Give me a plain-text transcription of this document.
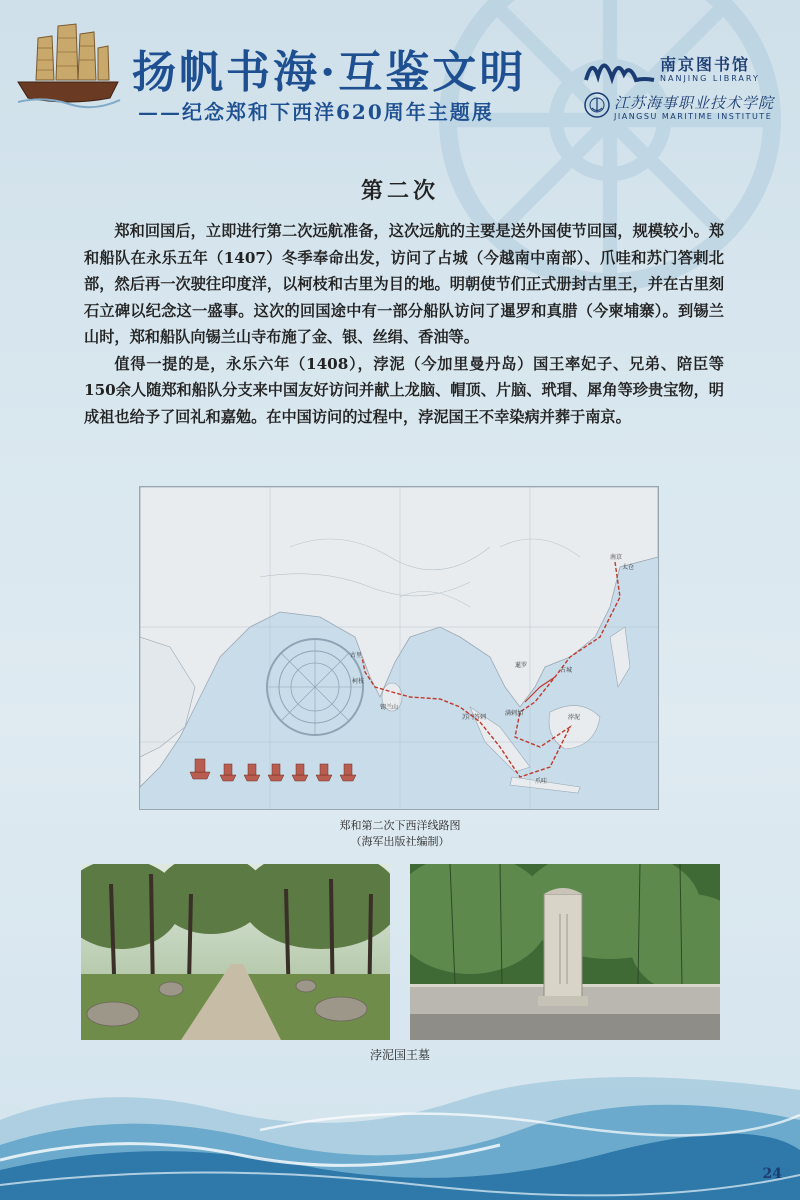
扬帆书海·互鉴文明
——纪念郑和下西洋620周年主题展
南京图书馆
NANJING LIBRARY
江苏海事职业技术学院
JIANGSU MARITIME INSTITUTE
第二次

郑和回国后，立即进行第二次远航准备，这次远航的主要是送外国使节回国，规模较小。郑和船队在永乐五年（1407）冬季奉命出发，访问了占城（今越南中南部）、爪哇和苏门答剌北部，然后再一次驶往印度洋，以柯枝和古里为目的地。明朝使节们正式册封古里王，并在古里刻石立碑以纪念这一盛事。这次的回国途中有一部分船队访问了暹罗和真腊（今柬埔寨）。到锡兰山时，郑和船队向锡兰山寺布施了金、银、丝绢、香油等。

值得一提的是，永乐六年（1408），浡泥（今加里曼丹岛）国王率妃子、兄弟、陪臣等150余人随郑和船队分支来中国友好访问并献上龙脑、帽顶、片脑、玳瑁、犀角等珍贵宝物，明成祖也给予了回礼和嘉勉。在中国访问的过程中，浡泥国王不幸染病并葬于南京。

南京
太仓
古里
柯枝
锡兰山
占城
暹罗
爪哇
苏门答剌
满剌加
浡泥
郑和第二次下西洋线路图
（海军出版社编制）
浡泥国王墓
24
